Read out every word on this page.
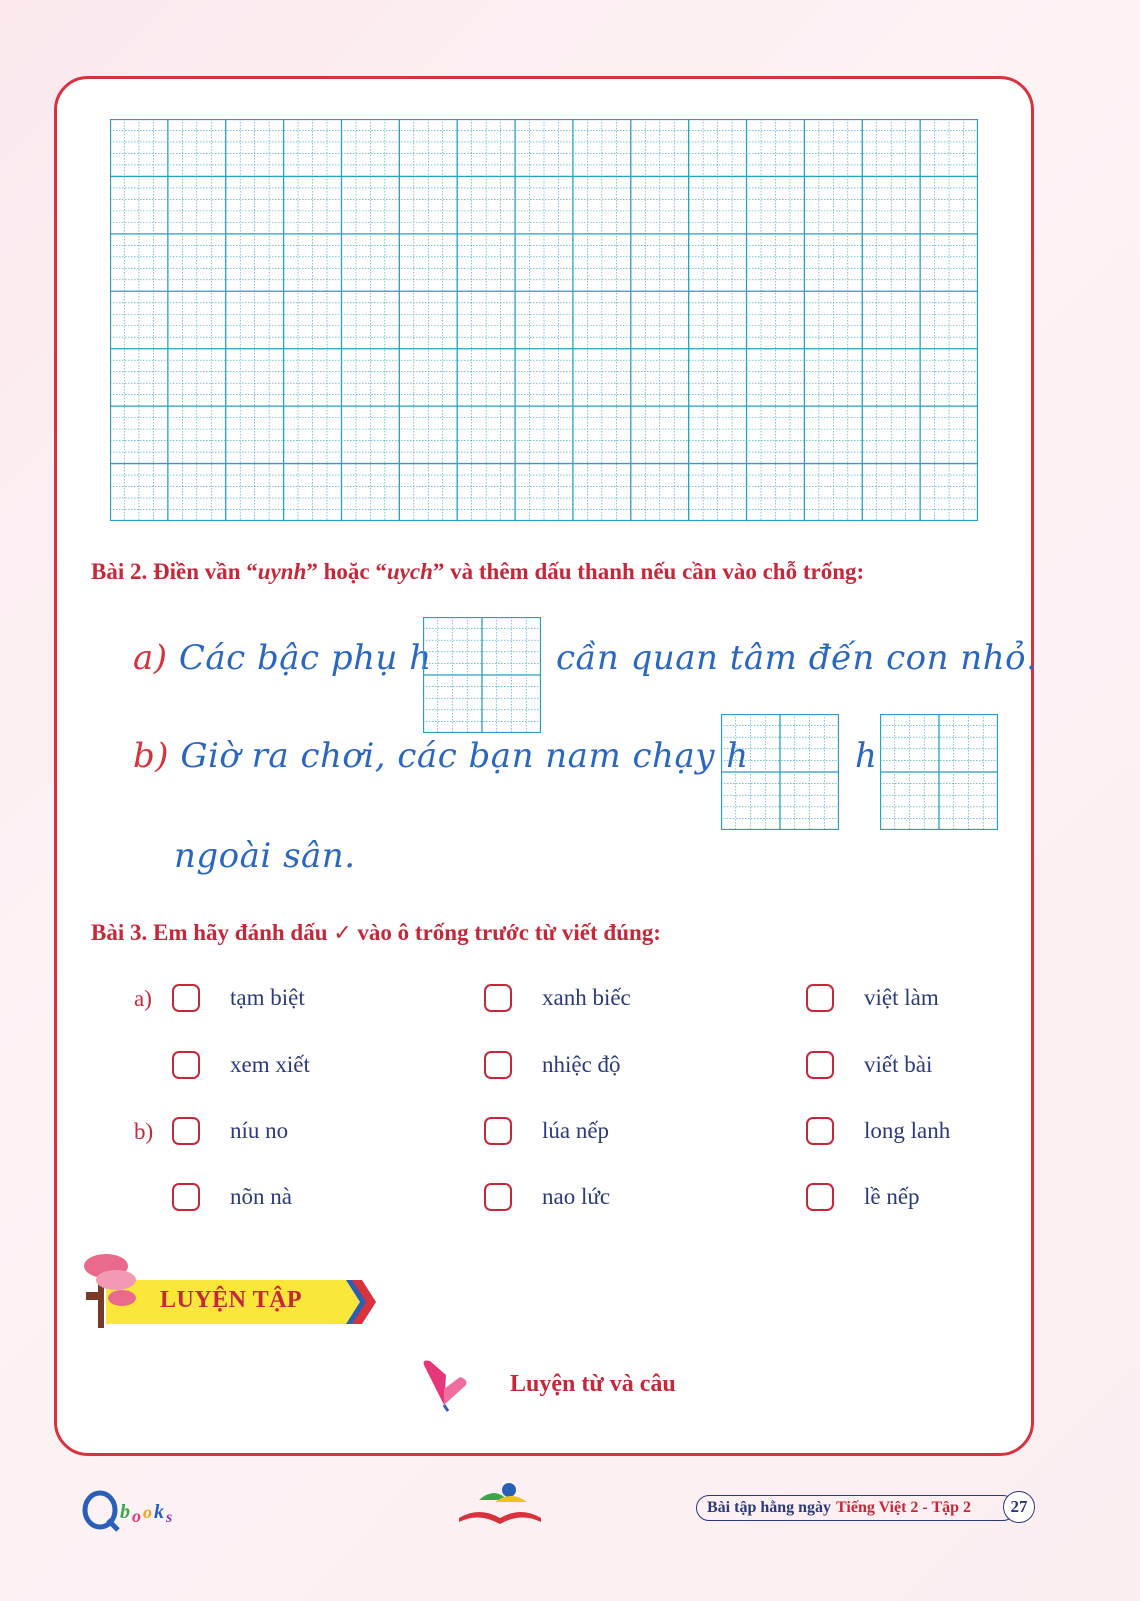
Bài 2. Điền vần “uynh” hoặc “uych” và thêm dấu thanh nếu cần vào chỗ trống:
a) Các bậc phụ h	cần quan tâm đến con nhỏ.
b) Giờ ra chơi, các bạn nam chạy h	h
ngoài sân.
Bài 3. Em hãy đánh dấu ✓ vào ô trống trước từ viết đúng:
a)
b)
tạm biệt	xanh biếc	việt làm
xem xiết	nhiệc độ	viết bài
níu no	lúa nếp	long lanh
nõn nà	nao lức	lề nếp
LUYỆN TẬP
Luyện từ và câu
b o o k s
Bài tập hằng ngày Tiếng Việt 2 - Tập 2	27
